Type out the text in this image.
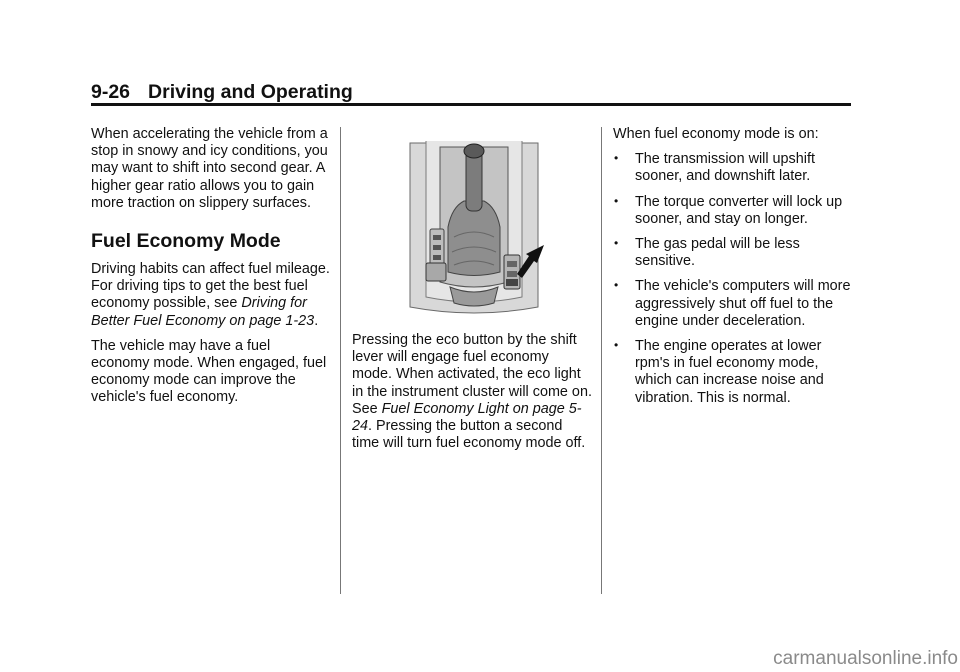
9-26 Driving and Operating

When accelerating the vehicle from a stop in snowy and icy conditions, you may want to shift into second gear. A higher gear ratio allows you to gain more traction on slippery surfaces.

Fuel Economy Mode

Driving habits can affect fuel mileage. For driving tips to get the best fuel economy possible, see Driving for Better Fuel Economy on page 1-23.

The vehicle may have a fuel economy mode. When engaged, fuel economy mode can improve the vehicle's fuel economy.

Pressing the eco button by the shift lever will engage fuel economy mode. When activated, the eco light in the instrument cluster will come on. See Fuel Economy Light on page 5-24. Pressing the button a second time will turn fuel economy mode off.

When fuel economy mode is on:

• The transmission will upshift sooner, and downshift later.
• The torque converter will lock up sooner, and stay on longer.
• The gas pedal will be less sensitive.
• The vehicle's computers will more aggressively shut off fuel to the engine under deceleration.
• The engine operates at lower rpm's in fuel economy mode, which can increase noise and vibration. This is normal.
carmanualsonline.info
